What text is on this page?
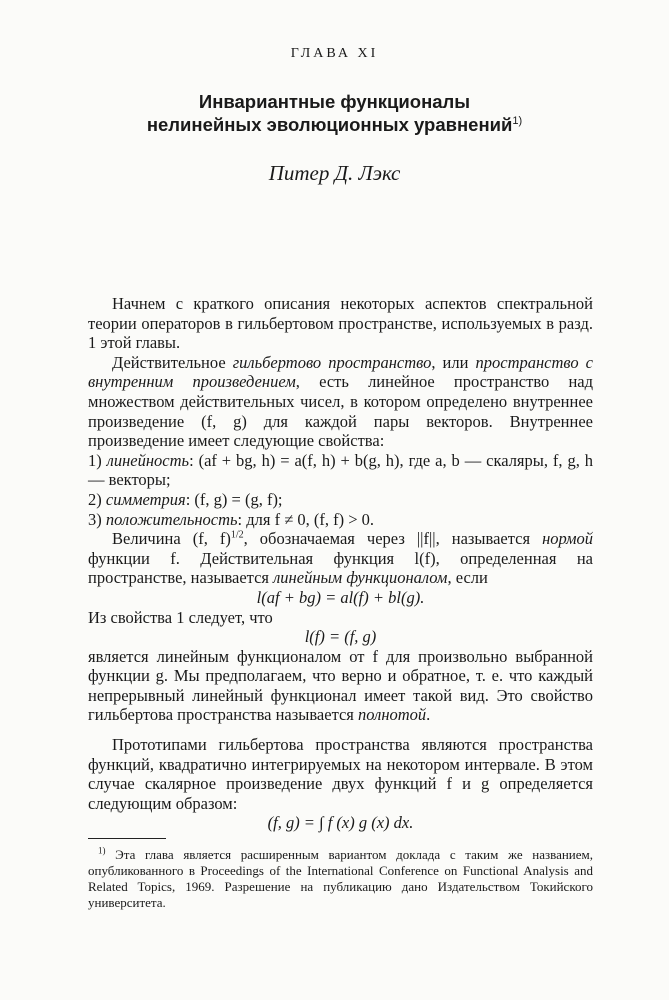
ГЛАВА XI
Инвариантные функционалы
нелинейных эволюционных уравнений$^{1)}$
Питер Д. Лэкс

Начнем с краткого описания некоторых аспектов спектральной теории операторов в гильбертовом пространстве, используемых в разд. 1 этой главы.

Действительное гильбертово пространство, или пространство с внутренним произведением, есть линейное пространство над множеством действительных чисел, в котором определено внутреннее произведение (f, g) для каждой пары векторов. Внутреннее произведение имеет следующие свойства:

1) линейность: (af + bg, h) = a(f, h) + b(g, h), где a, b — скаляры, f, g, h — векторы;

2) симметрия: (f, g) = (g, f);

3) положительность: для f ≠ 0, (f, f) > 0.

Величина (f, f)$^{1/2}$, обозначаемая через ||f||, называется нормой функции f. Действительная функция l(f), определенная на пространстве, называется линейным функционалом, если

l(af + bg) = al(f) + bl(g).

Из свойства 1 следует, что

l(f) = (f, g)

является линейным функционалом от f для произвольно выбранной функции g. Мы предполагаем, что верно и обратное, т. е. что каждый непрерывный линейный функционал имеет такой вид. Это свойство гильбертова пространства называется полнотой.

Прототипами гильбертова пространства являются пространства функций, квадратично интегрируемых на некотором интервале. В этом случае скалярное произведение двух функций f и g определяется следующим образом:

(f, g) = ∫ f (x) g (x) dx.

$^{1)}$ Эта глава является расширенным вариантом доклада с таким же названием, опубликованного в Proceedings of the International Conference on Functional Analysis and Related Topics, 1969. Разрешение на публикацию дано Издательством Токийского университета.
